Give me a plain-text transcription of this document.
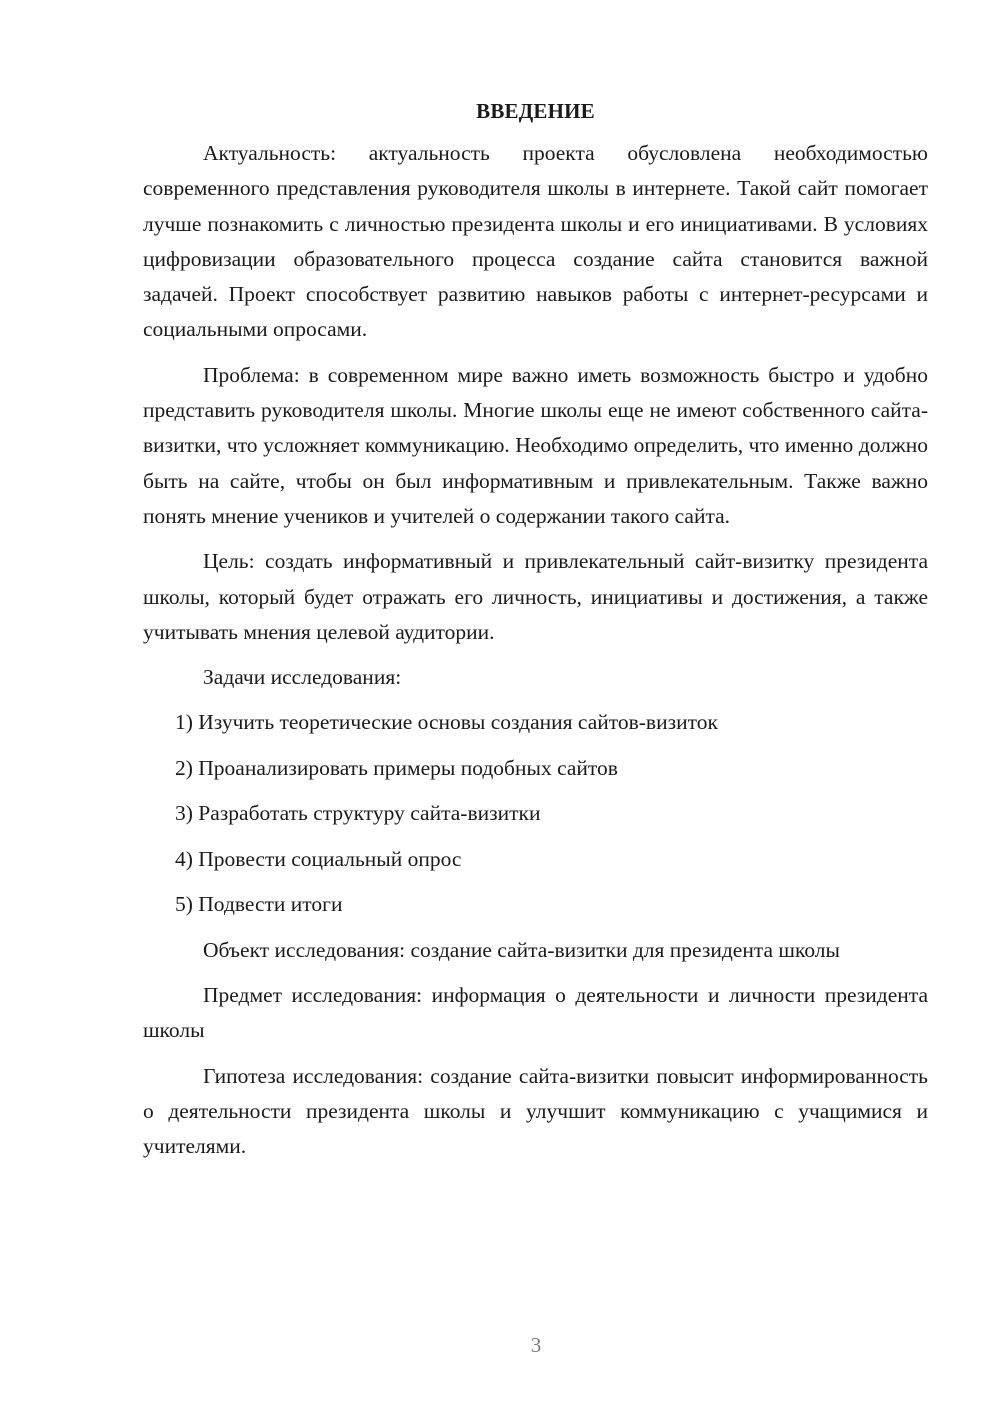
ВВЕДЕНИЕ

Актуальность: актуальность проекта обусловлена необходимостью современного представления руководителя школы в интернете. Такой сайт помогает лучше познакомить с личностью президента школы и его инициативами. В условиях цифровизации образовательного процесса создание сайта становится важной задачей. Проект способствует развитию навыков работы с интернет-ресурсами и социальными опросами.

Проблема: в современном мире важно иметь возможность быстро и удобно представить руководителя школы. Многие школы еще не имеют собственного сайта-визитки, что усложняет коммуникацию. Необходимо определить, что именно должно быть на сайте, чтобы он был информативным и привлекательным. Также важно понять мнение учеников и учителей о содержании такого сайта.

Цель: создать информативный и привлекательный сайт-визитку президента школы, который будет отражать его личность, инициативы и достижения, а также учитывать мнения целевой аудитории.

Задачи исследования:

1) Изучить теоретические основы создания сайтов-визиток
2) Проанализировать примеры подобных сайтов
3) Разработать структуру сайта-визитки
4) Провести социальный опрос
5) Подвести итоги

Объект исследования: создание сайта-визитки для президента школы

Предмет исследования: информация о деятельности и личности президента школы

Гипотеза исследования: создание сайта-визитки повысит информированность о деятельности президента школы и улучшит коммуникацию с учащимися и учителями.

3
